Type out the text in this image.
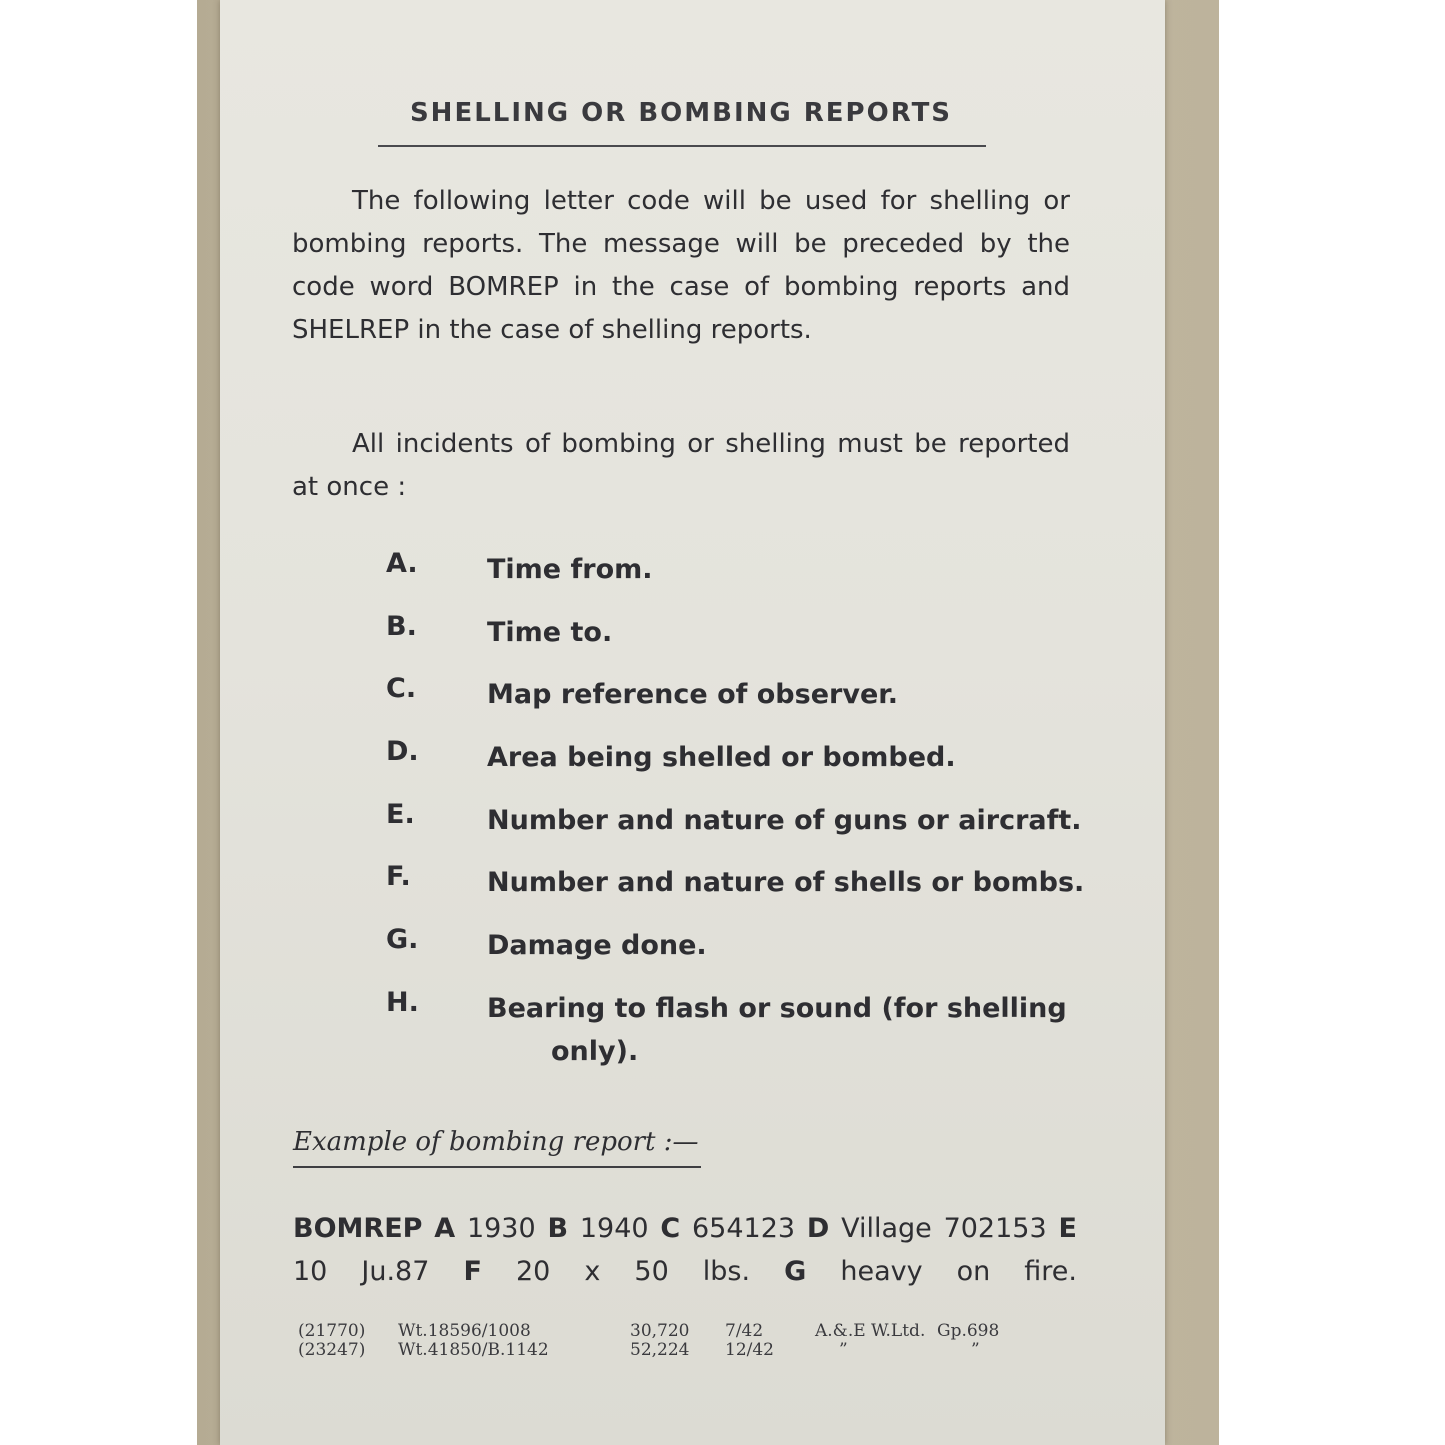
SHELLING OR BOMBING REPORTS

The following letter code will be used for shelling or bombing reports. The message will be preceded by the code word BOMREP in the case of bombing reports and SHELREP in the case of shelling reports.

All incidents of bombing or shelling must be reported at once :

A.	Time from.
B.	Time to.
C.	Map reference of observer.
D.	Area being shelled or bombed.
E.	Number and nature of guns or aircraft.
F.	Number and nature of shells or bombs.
G.	Damage done.
H.	Bearing to flash or sound (for shelling
only).

Example of bombing report :—

BOMREP A 1930 B 1940 C 654123 D Village 702153 E 10 Ju.87 F 20 x 50 lbs. G heavy on fire.

(21770)	Wt.18596/1008	30,720	7/42	A.&.E W.Ltd. Gp.698
(23247)	Wt.41850/B.1142	52,224	12/42	”	”
